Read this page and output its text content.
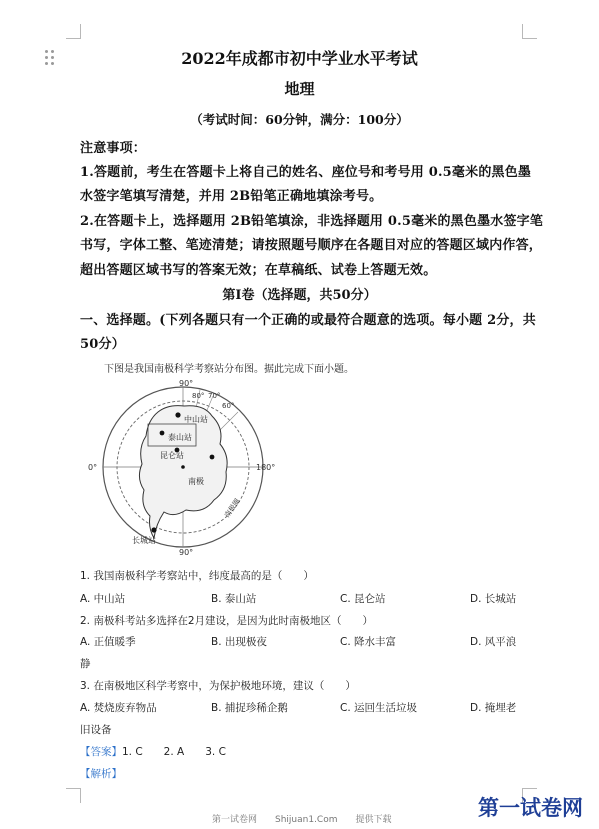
2022年成都市初中学业水平考试
地理
（考试时间：60分钟，满分：100分）
注意事项：
1.答题前，考生在答题卡上将自己的姓名、座位号和考号用 0.5毫米的黑色墨
水签字笔填写清楚，并用 2B铅笔正确地填涂考号。
2.在答题卡上，选择题用 2B铅笔填涂，非选择题用 0.5毫米的黑色墨水签字笔
书写，字体工整、笔迹清楚；请按照题号顺序在各题目对应的答题区域内作答，
超出答题区域书写的答案无效；在草稿纸、试卷上答题无效。
第Ⅰ卷（选择题，共50分）
一、选择题。(下列各题只有一个正确的或最符合题意的选项。每小题 2分，共
50分）
下图是我国南极科学考察站分布图。据此完成下面小题。
90°
90°
0°	180°
60°
70°
80°
泰山站
昆仑站
中山站
长城站
南极
南极圈
1. 我国南极科学考察站中，纬度最高的是（　　）
A. 中山站	B. 泰山站	C. 昆仑站	D. 长城站
2. 南极科考站多选择在2月建设，是因为此时南极地区（　　）
A. 正值暖季	B. 出现极夜	C. 降水丰富	D. 风平浪
静
3. 在南极地区科学考察中，为保护极地环境，建议（　　）
A. 焚烧废弃物品	B. 捕捉珍稀企鹅	C. 运回生活垃圾	D. 掩埋老
旧设备
【答案】1. C　　2. A　　3. C
【解析】
第一试卷网　　Shijuan1.Com　　提供下载	第一试卷网
